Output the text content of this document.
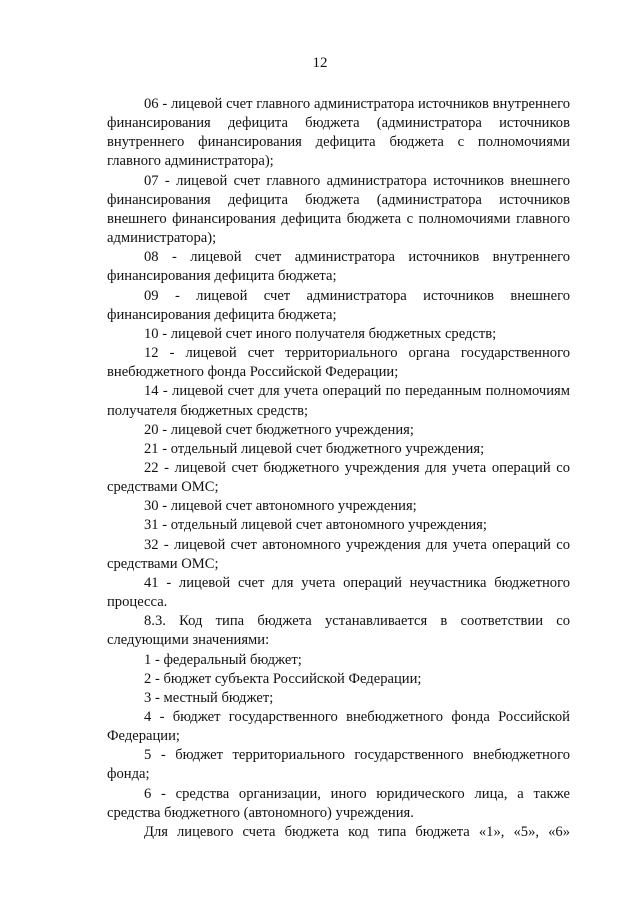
12

06 - лицевой счет главного администратора источников внутреннего финансирования дефицита бюджета (администратора источников внутреннего финансирования дефицита бюджета с полномочиями главного администратора);

07 - лицевой счет главного администратора источников внешнего финансирования дефицита бюджета (администратора источников внешнего финансирования дефицита бюджета с полномочиями главного администратора);

08 - лицевой счет администратора источников внутреннего финансирования дефицита бюджета;

09 - лицевой счет администратора источников внешнего финансирования дефицита бюджета;

10 - лицевой счет иного получателя бюджетных средств;

12 - лицевой счет территориального органа государственного внебюджетного фонда Российской Федерации;

14 - лицевой счет для учета операций по переданным полномочиям получателя бюджетных средств;

20 - лицевой счет бюджетного учреждения;

21 - отдельный лицевой счет бюджетного учреждения;

22 - лицевой счет бюджетного учреждения для учета операций со средствами ОМС;

30 - лицевой счет автономного учреждения;

31 - отдельный лицевой счет автономного учреждения;

32 - лицевой счет автономного учреждения для учета операций со средствами ОМС;

41 - лицевой счет для учета операций неучастника бюджетного процесса.

8.3. Код типа бюджета устанавливается в соответствии со следующими значениями:

1 - федеральный бюджет;

2 - бюджет субъекта Российской Федерации;

3 - местный бюджет;

4 - бюджет государственного внебюджетного фонда Российской Федерации;

5 - бюджет территориального государственного внебюджетного фонда;

6 - средства организации, иного юридического лица, а также средства бюджетного (автономного) учреждения.

Для лицевого счета бюджета код типа бюджета «1», «5», «6»
